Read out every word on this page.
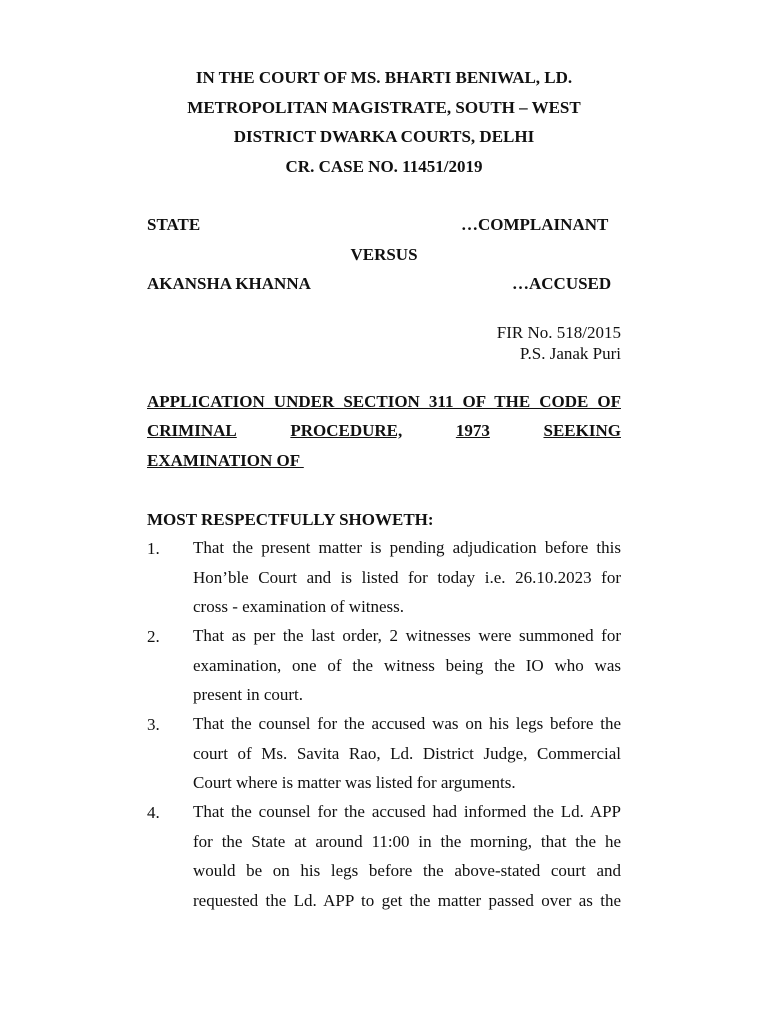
IN THE COURT OF MS. BHARTI BENIWAL, LD.
METROPOLITAN MAGISTRATE, SOUTH – WEST
DISTRICT DWARKA COURTS, DELHI
CR. CASE NO. 11451/2019
STATE	…COMPLAINANT
VERSUS
AKANSHA KHANNA	…ACCUSED
FIR No. 518/2015
P.S. Janak Puri
APPLICATION UNDER SECTION 311 OF THE CODE OF
CRIMINAL	PROCEDURE,	1973	SEEKING
EXAMINATION OF
MOST RESPECTFULLY SHOWETH:
1. That the present matter is pending adjudication before this
Hon’ble Court and is listed for today i.e. 26.10.2023 for
cross - examination of witness.
2. That as per the last order, 2 witnesses were summoned for
examination, one of the witness being the IO who was
present in court.
3. That the counsel for the accused was on his legs before the
court of Ms. Savita Rao, Ld. District Judge, Commercial
Court where is matter was listed for arguments.
4. That the counsel for the accused had informed the Ld. APP
for the State at around 11:00 in the morning, that the he
would be on his legs before the above-stated court and
requested the Ld. APP to get the matter passed over as the
